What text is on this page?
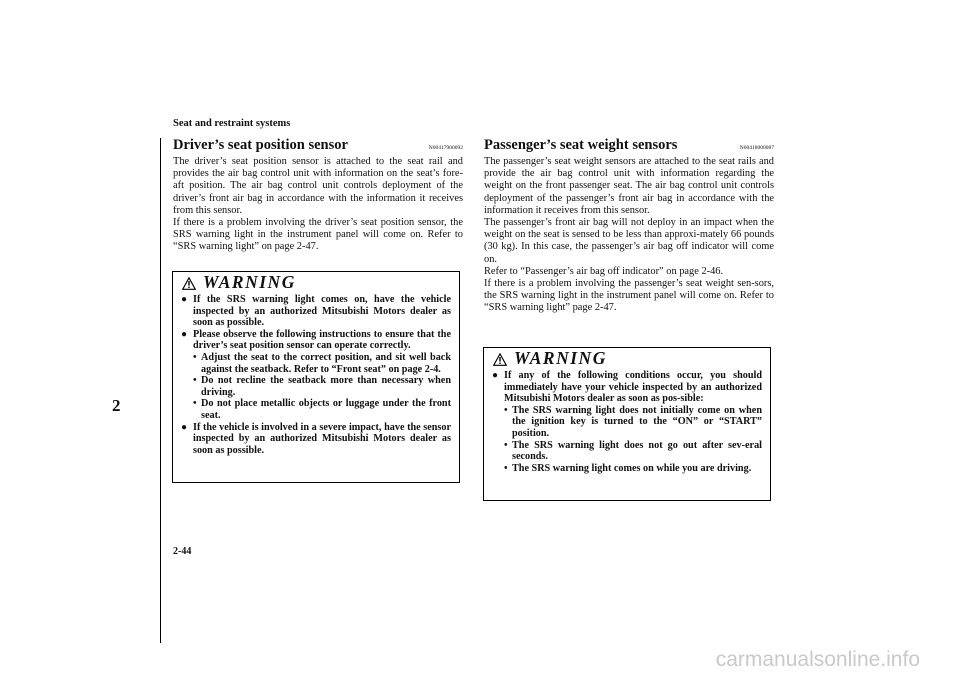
Seat and restraint systems
2
Driver’s seat position sensor	N00417900092

The driver’s seat position sensor is attached to the seat rail and provides the air bag control unit with information on the seat’s fore-aft position. The air bag control unit controls deployment of the driver’s front air bag in accordance with the information it receives from this sensor.

If there is a problem involving the driver’s seat position sensor, the SRS warning light in the instrument panel will come on. Refer to “SRS warning light” on page 2-47.

WARNING
● If the SRS warning light comes on, have the vehicle inspected by an authorized Mitsubishi Motors dealer as soon as possible.
● Please observe the following instructions to ensure that the driver’s seat position sensor can operate correctly.
• Adjust the seat to the correct position, and sit well back against the seatback. Refer to “Front seat” on page 2-4.
• Do not recline the seatback more than necessary when driving.
• Do not place metallic objects or luggage under the front seat.
● If the vehicle is involved in a severe impact, have the sensor inspected by an authorized Mitsubishi Motors dealer as soon as possible.
Passenger’s seat weight sensors	N00418000087

The passenger’s seat weight sensors are attached to the seat rails and provide the air bag control unit with information regarding the weight on the front passenger seat. The air bag control unit controls deployment of the passenger’s front air bag in accordance with the information it receives from this sensor.

The passenger’s front air bag will not deploy in an impact when the weight on the seat is sensed to be less than approxi-mately 66 pounds (30 kg). In this case, the passenger’s air bag off indicator will come on.

Refer to “Passenger’s air bag off indicator” on page 2-46.

If there is a problem involving the passenger’s seat weight sen-sors, the SRS warning light in the instrument panel will come on. Refer to “SRS warning light” page 2-47.

WARNING
● If any of the following conditions occur, you should immediately have your vehicle inspected by an authorized Mitsubishi Motors dealer as soon as pos-sible:
• The SRS warning light does not initially come on when the ignition key is turned to the “ON” or “START” position.
• The SRS warning light does not go out after sev-eral seconds.
• The SRS warning light comes on while you are driving.
2-44
carmanualsonline.info
